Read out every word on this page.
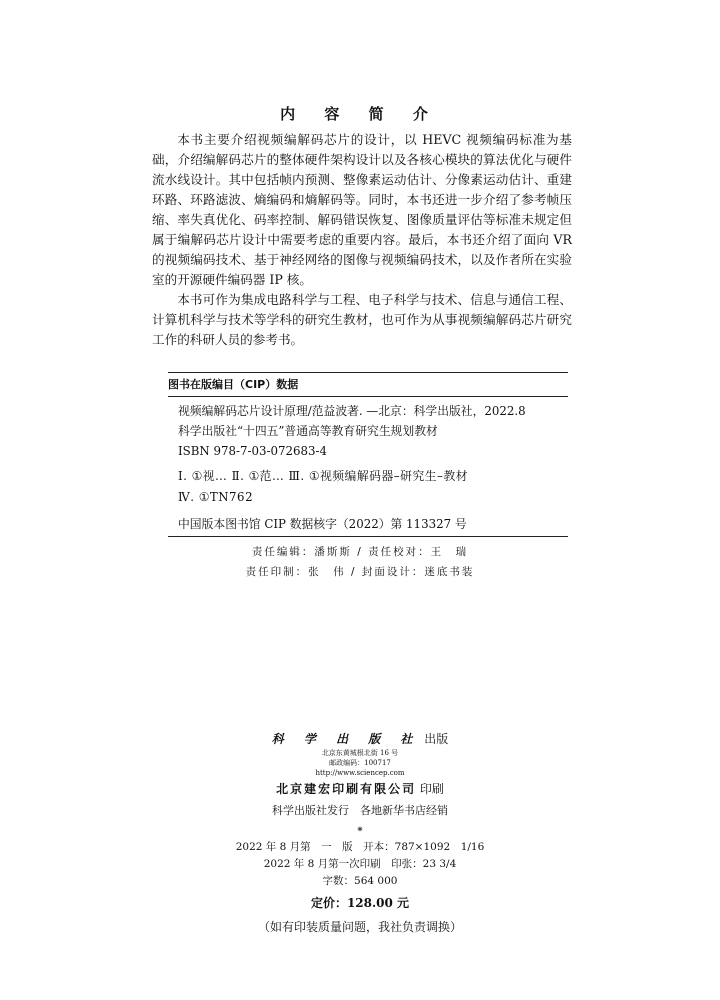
内 容 简 介

本书主要介绍视频编解码芯片的设计，以 HEVC 视频编码标准为基础，介绍编解码芯片的整体硬件架构设计以及各核心模块的算法优化与硬件流水线设计。其中包括帧内预测、整像素运动估计、分像素运动估计、重建环路、环路滤波、熵编码和熵解码等。同时，本书还进一步介绍了参考帧压缩、率失真优化、码率控制、解码错误恢复、图像质量评估等标准未规定但属于编解码芯片设计中需要考虑的重要内容。最后，本书还介绍了面向 VR 的视频编码技术、基于神经网络的图像与视频编码技术，以及作者所在实验室的开源硬件编码器 IP 核。

本书可作为集成电路科学与工程、电子科学与技术、信息与通信工程、计算机科学与技术等学科的研究生教材，也可作为从事视频编解码芯片研究工作的科研人员的参考书。

图书在版编目（CIP）数据
视频编解码芯片设计原理/范益波著. —北京：科学出版社，2022.8
科学出版社“十四五”普通高等教育研究生规划教材
ISBN 978-7-03-072683-4
Ⅰ. ①视… Ⅱ. ①范… Ⅲ. ①视频编解码器–研究生–教材
Ⅳ. ①TN762
中国版本图书馆 CIP 数据核字（2022）第 113327 号
责任编辑：潘斯斯 / 责任校对：王　瑞
责任印制：张　伟 / 封面设计：迷底书装
科 学 出 版 社 出版
北京东黄城根北街 16 号
邮政编码：100717
http://www.sciencep.com
北京建宏印刷有限公司 印刷
科学出版社发行　各地新华书店经销
*
2022 年 8 月第　一　版　开本：787×1092　1/16
2022 年 8 月第一次印刷　印张：23 3/4
字数：564 000
定价：128.00 元
（如有印装质量问题，我社负责调换）
